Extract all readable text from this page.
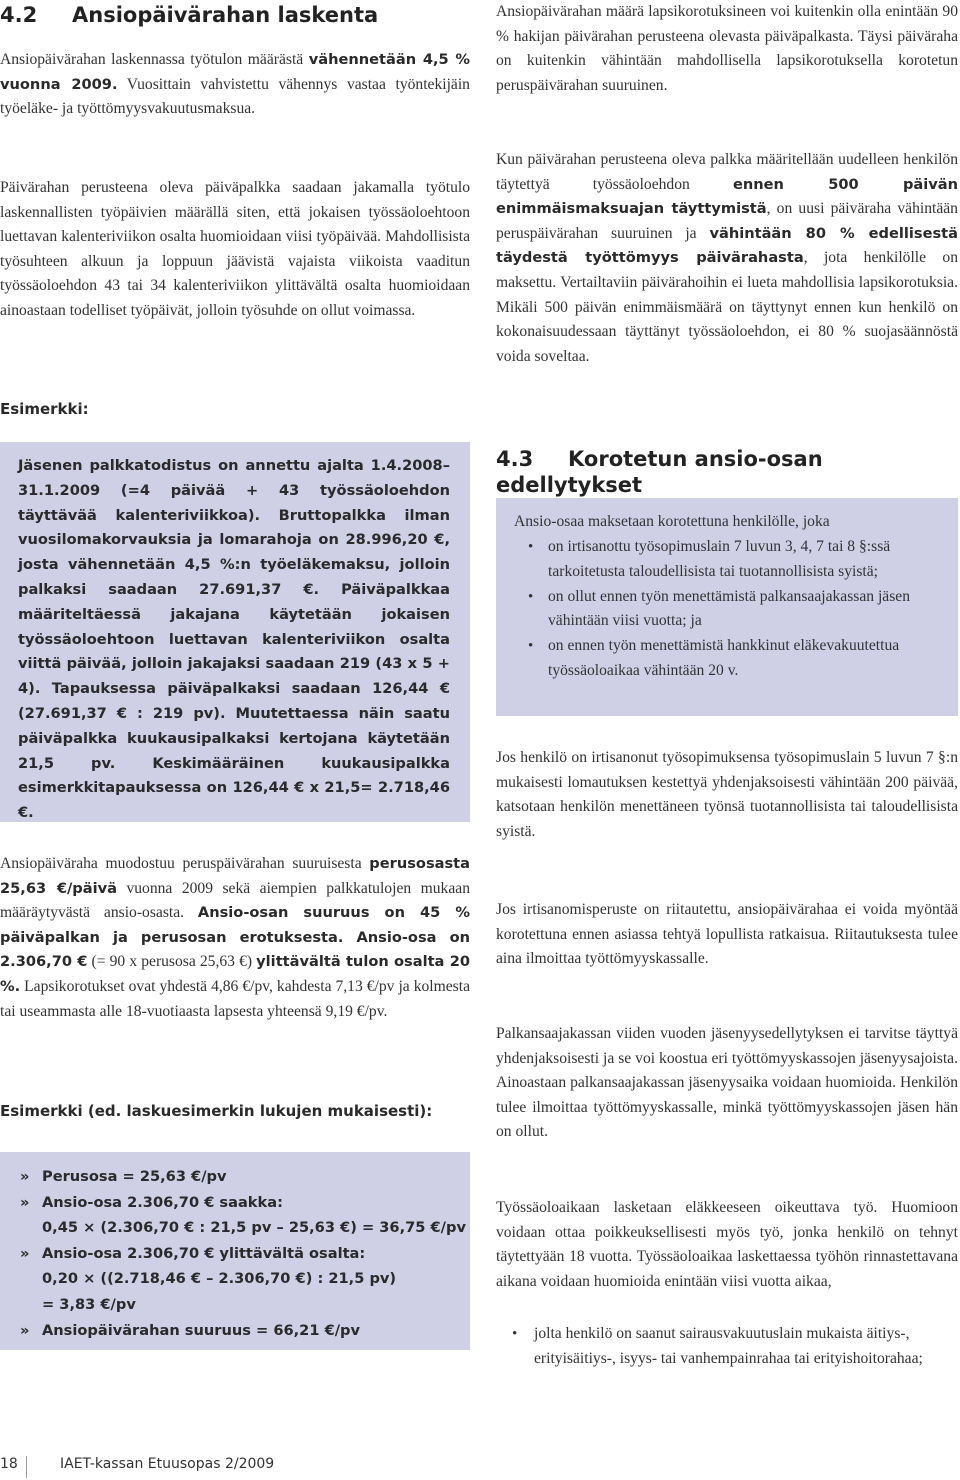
4.2 Ansiopäivärahan laskenta

Ansiopäivärahan laskennassa työtulon määrästä vähennetään 4,5 % vuonna 2009. Vuosittain vahvistettu vähennys vastaa työntekijäin työeläke- ja työttömyysvakuutusmaksua.

Päivärahan perusteena oleva päiväpalkka saadaan jakamalla työtulo laskennallisten työpäivien määrällä siten, että jokaisen työssäoloehtoon luettavan kalenteriviikon osalta huomioidaan viisi työpäivää. Mahdollisista työsuhteen alkuun ja loppuun jäävistä vajaista viikoista vaaditun työssäoloehdon 43 tai 34 kalenteriviikon ylittävältä osalta huomioidaan ainoastaan todelliset työpäivät, jolloin työsuhde on ollut voimassa.

Esimerkki:

Jäsenen palkkatodistus on annettu ajalta 1.4.2008–31.1.2009 (=4 päivää + 43 työssäoloehdon täyttävää kalenteriviikkoa). Bruttopalkka ilman vuosilomakorvauksia ja lomarahoja on 28.996,20 €, josta vähennetään 4,5 %:n työeläkemaksu, jolloin palkaksi saadaan 27.691,37 €. Päiväpalkkaa määriteltäessä jakajana käytetään jokaisen työssäoloehtoon luettavan kalenteriviikon osalta viittä päivää, jolloin jakajaksi saadaan 219 (43 x 5 + 4). Tapauksessa päiväpalkaksi saadaan 126,44 € (27.691,37 € : 219 pv). Muutettaessa näin saatu päiväpalkka kuukausipalkaksi kertojana käytetään 21,5 pv. Keskimääräinen kuukausipalkka esimerkkitapauksessa on 126,44 € x 21,5= 2.718,46 €.

Ansiopäiväraha muodostuu peruspäivärahan suuruisesta perusosasta 25,63 €/päivä vuonna 2009 sekä aiempien palkkatulojen mukaan määräytyvästä ansio-osasta. Ansio-osan suuruus on 45 % päiväpalkan ja perusosan erotuksesta. Ansio-osa on 2.306,70 € (= 90 x perusosa 25,63 €) ylittävältä tulon osalta 20 %. Lapsikorotukset ovat yhdestä 4,86 €/pv, kahdesta 7,13 €/pv ja kolmesta tai useammasta alle 18-vuotiaasta lapsesta yhteensä 9,19 €/pv.

Esimerkki (ed. laskuesimerkin lukujen mukaisesti):
» Perusosa = 25,63 €/pv
» Ansio-osa 2.306,70 € saakka:
0,45 × (2.306,70 € : 21,5 pv – 25,63 €) = 36,75 €/pv
» Ansio-osa 2.306,70 € ylittävältä osalta:
0,20 × ((2.718,46 € – 2.306,70 €) : 21,5 pv)
= 3,83 €/pv
» Ansiopäivärahan suuruus = 66,21 €/pv

Ansiopäivärahan määrä lapsikorotuksineen voi kuitenkin olla enintään 90 % hakijan päivärahan perusteena olevasta päiväpalkasta. Täysi päiväraha on kuitenkin vähintään mahdollisella lapsikorotuksella korotetun peruspäivärahan suuruinen.

Kun päivärahan perusteena oleva palkka määritellään uudelleen henkilön täytettyä työssäoloehdon ennen 500 päivän enimmäismaksuajan täyttymistä, on uusi päiväraha vähintään peruspäivärahan suuruinen ja vähintään 80 % edellisestä täydestä työttömyys päivärahasta, jota henkilölle on maksettu. Vertailtaviin päivärahoihin ei lueta mahdollisia lapsikorotuksia. Mikäli 500 päivän enimmäismäärä on täyttynyt ennen kun henkilö on kokonaisuudessaan täyttänyt työssäoloehdon, ei 80 % suojasäännöstä voida soveltaa.

4.3 Korotetun ansio-osan edellytykset
Ansio-osaa maksetaan korotettuna henkilölle, joka
• on irtisanottu työsopimuslain 7 luvun 3, 4, 7 tai 8 §:ssä tarkoitetusta taloudellisista tai tuotannollisista syistä;
• on ollut ennen työn menettämistä palkansaajakassan jäsen vähintään viisi vuotta; ja
• on ennen työn menettämistä hankkinut eläkevakuutettua työssäoloaikaa vähintään 20 v.

Jos henkilö on irtisanonut työsopimuksensa työsopimuslain 5 luvun 7 §:n mukaisesti lomautuksen kestettyä yhdenjaksoisesti vähintään 200 päivää, katsotaan henkilön menettäneen työnsä tuotannollisista tai taloudellisista syistä.

Jos irtisanomisperuste on riitautettu, ansiopäivärahaa ei voida myöntää korotettuna ennen asiassa tehtyä lopullista ratkaisua. Riitautuksesta tulee aina ilmoittaa työttömyyskassalle.

Palkansaajakassan viiden vuoden jäsenyysedellytyksen ei tarvitse täyttyä yhdenjaksoisesti ja se voi koostua eri työttömyyskassojen jäsenyysajoista. Ainoastaan palkansaajakassan jäsenyysaika voidaan huomioida. Henkilön tulee ilmoittaa työttömyyskassalle, minkä työttömyyskassojen jäsen hän on ollut.

Työssäoloaikaan lasketaan eläkkeeseen oikeuttava työ. Huomioon voidaan ottaa poikkeuksellisesti myös työ, jonka henkilö on tehnyt täytettyään 18 vuotta. Työssäoloaikaa laskettaessa työhön rinnastettavana aikana voidaan huomioida enintään viisi vuotta aikaa,

• jolta henkilö on saanut sairausvakuutuslain mukaista äitiys-, erityisäitiys-, isyys- tai vanhempainrahaa tai erityishoitorahaa;
18	IAET-kassan Etuusopas 2/2009
